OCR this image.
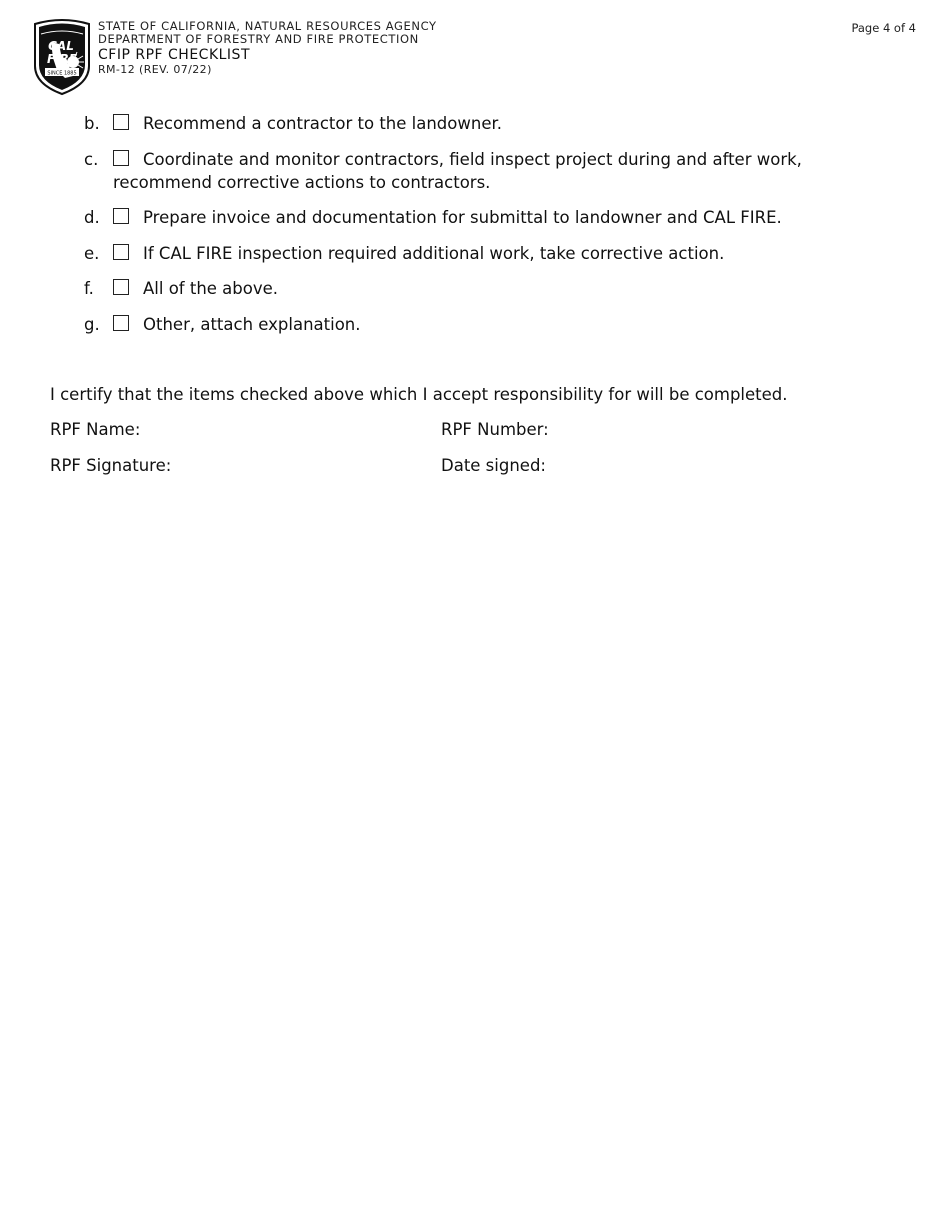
CAL
FIRE
SINCE 1885
STATE OF CALIFORNIA, NATURAL RESOURCES AGENCY
DEPARTMENT OF FORESTRY AND FIRE PROTECTION
CFIP RPF CHECKLIST
RM-12 (REV. 07/22)
Page 4 of 4
b.	Recommend a contractor to the landowner.
c.	Coordinate and monitor contractors, field inspect project during and after work,
recommend corrective actions to contractors.
d.	Prepare invoice and documentation for submittal to landowner and CAL FIRE.
e.	If CAL FIRE inspection required additional work, take corrective action.
f.	All of the above.
g.	Other, attach explanation.
I certify that the items checked above which I accept responsibility for will be completed.
RPF Name:	RPF Number:
RPF Signature:	Date signed:
